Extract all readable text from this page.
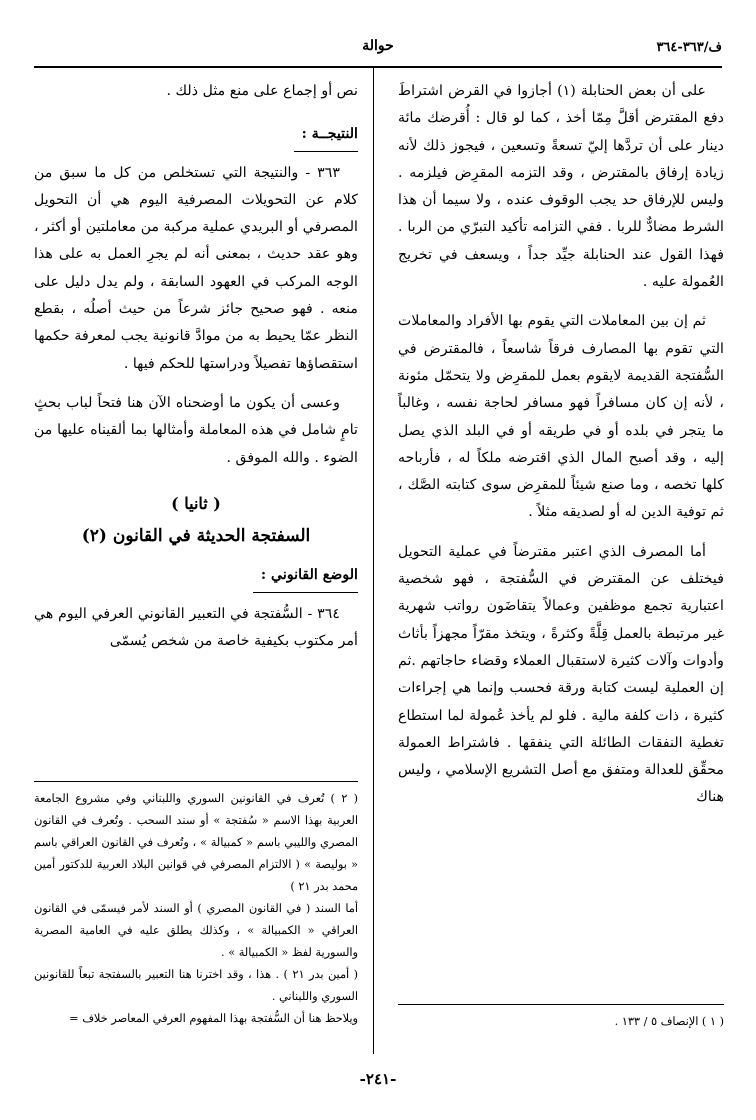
ف/٣٦٣-٣٦٤
حوالة

على أن بعض الحنابلة (١) أجازوا في القرض اشتراطَ دفع المقترض أقلَّ مِمّا أخذ ، كما لو قال : أُقرضك مائة دينار على أن تردَّها إليّ تسعةً وتسعين ، فيجوز ذلك لأنه زيادة إرفاق بالمقترض ، وقد التزمه المقرِض فيلزمه . وليس للإرفاق حد يجب الوقوف عنده ، ولا سيما أن هذا الشرط مضادٌّ للربا . ففي التزامه تأكيد التبرّي من الربا . فهذا القول عند الحنابلة جيِّد جداً ، ويسعف في تخريج العُمولة عليه .

ثم إن بين المعاملات التي يقوم بها الأفراد والمعاملات التي تقوم بها المصارف فرقاً شاسعاً ، فالمقترض في السُّفتجة القديمة لايقوم بعمل للمقرِض ولا يتحمّل مئونة ، لأنه إن كان مسافراً فهو مسافر لحاجة نفسه ، وغالباً ما يتجر في بلده أو في طريقه أو في البلد الذي يصل إليه ، وقد أصبح المال الذي اقترضه ملكاً له ، فأرباحه كلها تخصه ، وما صنع شيئاً للمقرِض سوى كتابته الصَّك ، ثم توفية الدين له أو لصديقه مثلاً .

أما المصرف الذي اعتبر مقترضاً في عملية التحويل فيختلف عن المقترض في السُّفتجة ، فهو شخصية اعتبارية تجمع موظفين وعمالاً يتقاضَون رواتب شهرية غير مرتبطة بالعمل قِلَّةً وكثرةً ، ويتخذ مقرّاً مجهزاً بأثاث وأدوات وآلات كثيرة لاستقبال العملاء وقضاء حاجاتهم .ثم إن العملية ليست كتابة ورقة فحسب وإنما هي إجراءات كثيرة ، ذات كلفة مالية . فلو لم يأخذ عُمولة لما استطاع تغطية النفقات الطائلة التي ينفقها . فاشتراط العمولة محقِّق للعدالة ومتفق مع أصل التشريع الإسلامي ، وليس هناك

( ١ ) الإنصاف ٥ / ١٣٣ .

نص أو إجماع على منع مثل ذلك .

النتيجــة :

٣٦٣ - والنتيجة التي تستخلص من كل ما سبق من كلام عن التحويلات المصرفية اليوم هي أن التحويل المصرفي أو البريدي عملية مركبة من معاملتين أو أكثر ، وهو عقد حديث ، بمعنى أنه لم يجرِ العمل به على هذا الوجه المركب في العهود السابقة ، ولم يدل دليل على منعه . فهو صحيح جائز شرعاً من حيث أصلُه ، بقطع النظر عمّا يحيط به من موادَّ قانونية يجب لمعرفة حكمها استقصاؤها تفصيلاً ودراستها للحكم فيها .

وعسى أن يكون ما أوضحناه الآن هنا فتحاً لباب بحثٍ تامٍ شامل في هذه المعاملة وأمثالها بما ألقيناه عليها من الضوء . والله الموفق .

( ثانيا )
السفتجة الحديثة في القانون (٢)
الوضع القانوني :

٣٦٤ - السُّفتجة في التعبير القانوني العرفي اليوم هي أمر مكتوب بكيفية خاصة من شخص يُسمّى

( ٢ ) تُعرف في القانونين السوري واللبناني وفي مشروع الجامعة العربية بهذا الاسم « سُفتجة » أو سند السحب . وتُعرف في القانون المصري والليبي باسم « كمبيالة » ، وتُعرف في القانون العراقي باسم « بوليصة » ( الالتزام المصرفي في قوانين البلاد العربية للدكتور أمين محمد بدر ٢١ )

أما السند ( في القانون المصري ) أو السند لأمر فيسمّى في القانون العراقي « الكمبيالة » ، وكذلك يطلق عليه في العامية المصرية والسورية لفظ « الكمبيالة » .

( أمين بدر ٢١ ) . هذا ، وقد اخترنا هنا التعبير بالسفتجة تبعاً للقانونين السوري واللبناني .

ويلاحظ هنا أن السُّفتجة بهذا المفهوم العرفي المعاصر خلاف =

-٢٤١-
